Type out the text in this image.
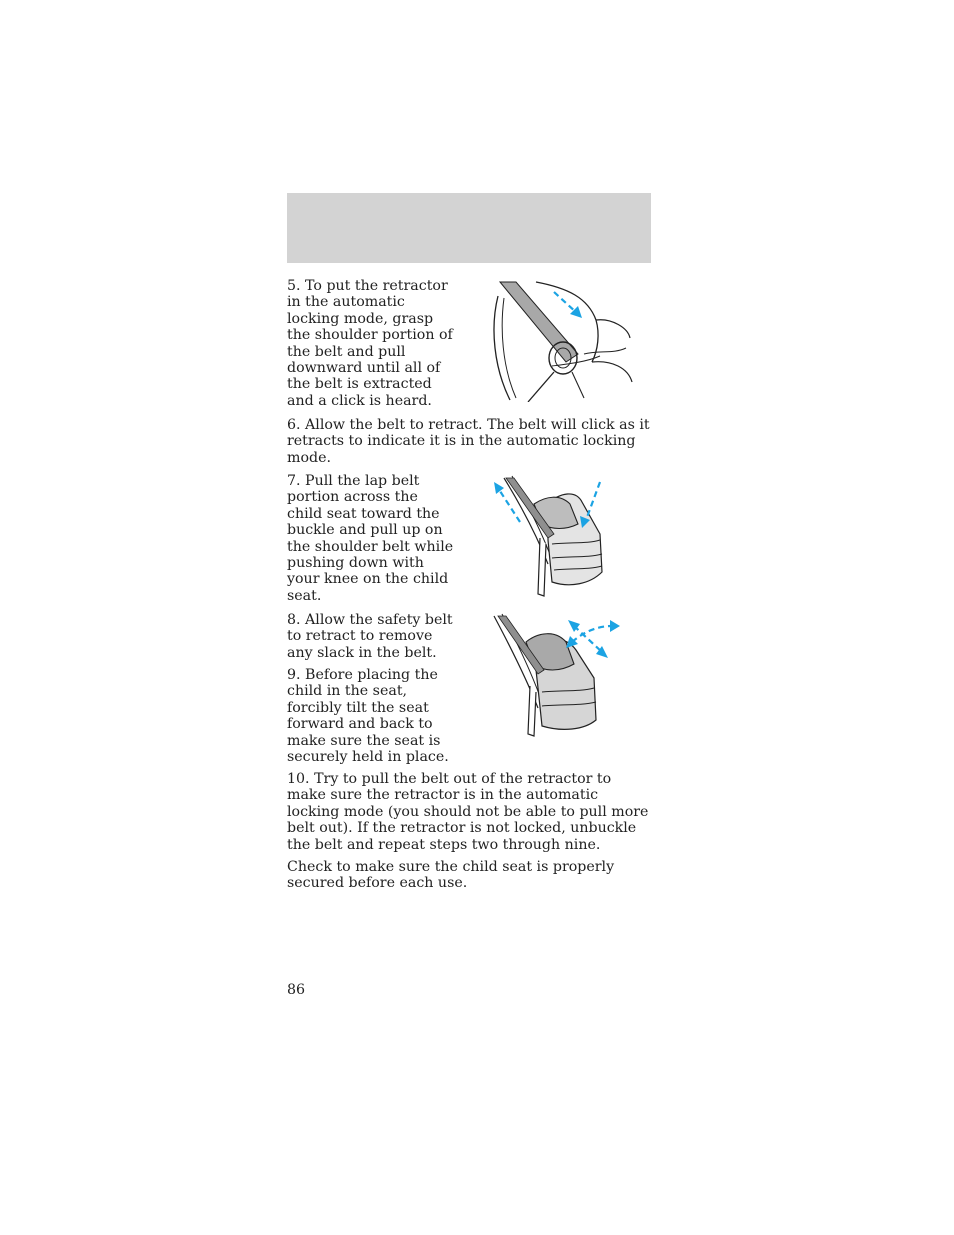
5. To put the retractor in the automatic locking mode, grasp the shoulder portion of the belt and pull downward until all of the belt is extracted and a click is heard.

6. Allow the belt to retract. The belt will click as it retracts to indicate it is in the automatic locking mode.

7. Pull the lap belt portion across the child seat toward the buckle and pull up on the shoulder belt while pushing down with your knee on the child seat.

8. Allow the safety belt to retract to remove any slack in the belt.

9. Before placing the child in the seat, forcibly tilt the seat forward and back to make sure the seat is securely held in place.

10. Try to pull the belt out of the retractor to make sure the retractor is in the automatic locking mode (you should not be able to pull more belt out). If the retractor is not locked, unbuckle the belt and repeat steps two through nine.

Check to make sure the child seat is properly secured before each use.

86
